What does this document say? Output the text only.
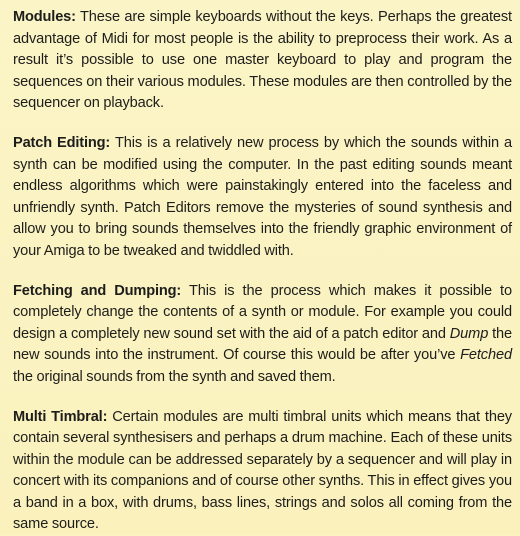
Modules: These are simple keyboards without the keys. Perhaps the greatest advantage of Midi for most people is the ability to preprocess their work. As a result it’s possible to use one master keyboard to play and program the sequences on their various modules. These modules are then controlled by the sequencer on playback.

Patch Editing: This is a relatively new process by which the sounds within a synth can be modified using the computer. In the past editing sounds meant endless algorithms which were painstakingly entered into the faceless and unfriendly synth. Patch Editors remove the mysteries of sound synthesis and allow you to bring sounds themselves into the friendly graphic environment of your Amiga to be tweaked and twiddled with.

Fetching and Dumping: This is the process which makes it possible to completely change the contents of a synth or module. For example you could design a completely new sound set with the aid of a patch editor and Dump the new sounds into the instrument. Of course this would be after you’ve Fetched the original sounds from the synth and saved them.

Multi Timbral: Certain modules are multi timbral units which means that they contain several synthesisers and perhaps a drum machine. Each of these units within the module can be addressed separately by a sequencer and will play in concert with its companions and of course other synths. This in effect gives you a band in a box, with drums, bass lines, strings and solos all coming from the same source.
